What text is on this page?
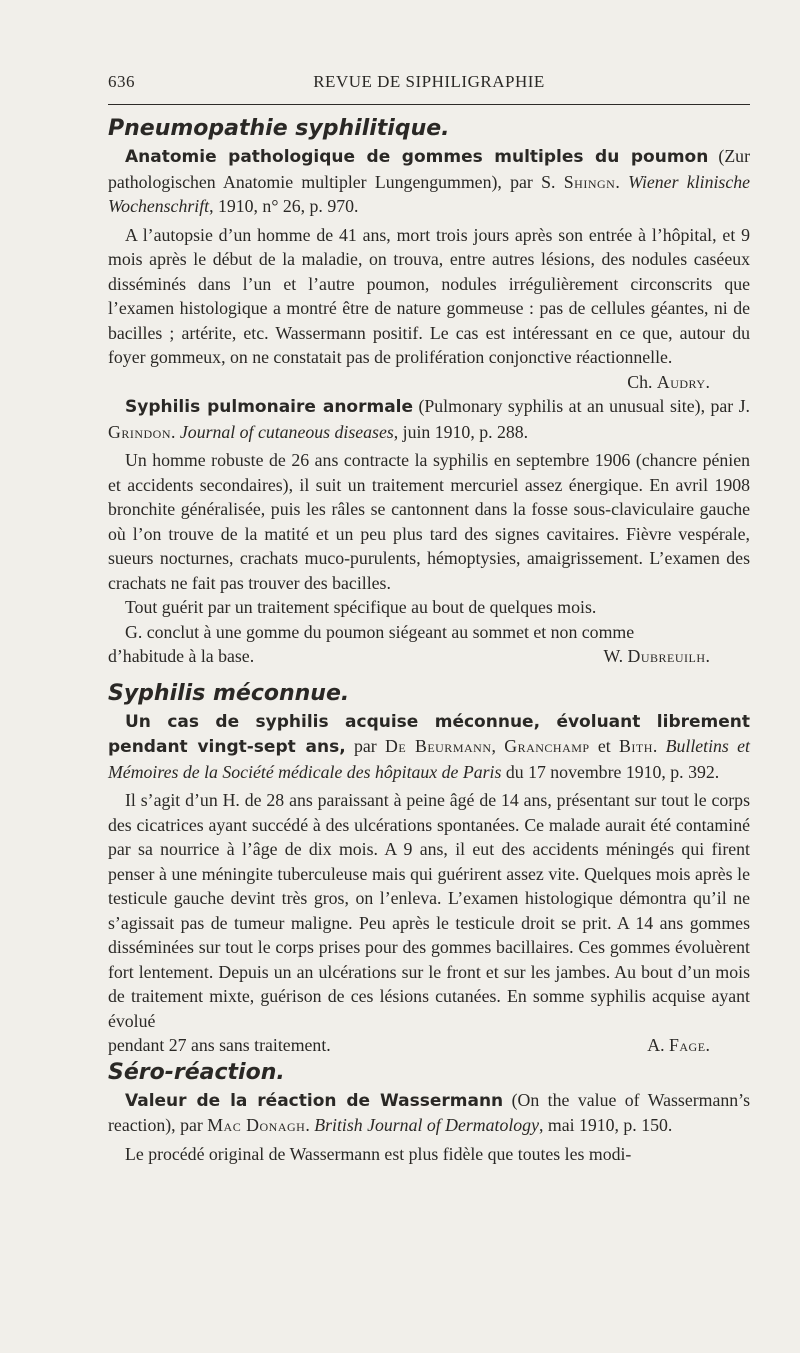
636	REVUE DE SIPHILIGRAPHIE
Pneumopathie syphilitique.

Anatomie pathologique de gommes multiples du poumon (Zur pathologischen Anatomie multipler Lungengummen), par S. Shingn. Wiener klinische Wochenschrift, 1910, n° 26, p. 970.

A l’autopsie d’un homme de 41 ans, mort trois jours après son entrée à l’hôpital, et 9 mois après le début de la maladie, on trouva, entre autres lésions, des nodules caséeux disséminés dans l’un et l’autre poumon, nodules irrégulièrement circonscrits que l’examen histologique a montré être de nature gommeuse : pas de cellules géantes, ni de bacilles ; artérite, etc. Wassermann positif. Le cas est intéressant en ce que, autour du foyer gommeux, on ne constatait pas de prolifération conjonctive réactionnelle.

Ch. Audry.

Syphilis pulmonaire anormale (Pulmonary syphilis at an unusual site), par J. Grindon. Journal of cutaneous diseases, juin 1910, p. 288.

Un homme robuste de 26 ans contracte la syphilis en septembre 1906 (chancre pénien et accidents secondaires), il suit un traitement mercuriel assez énergique. En avril 1908 bronchite généralisée, puis les râles se cantonnent dans la fosse sous-claviculaire gauche où l’on trouve de la matité et un peu plus tard des signes cavitaires. Fièvre vespérale, sueurs nocturnes, crachats muco-purulents, hémoptysies, amaigrissement. L’examen des crachats ne fait pas trouver des bacilles.

Tout guérit par un traitement spécifique au bout de quelques mois.

G. conclut à une gomme du poumon siégeant au sommet et non comme

d’habitude à la base.	W. Dubreuilh.
Syphilis méconnue.

Un cas de syphilis acquise méconnue, évoluant librement pendant vingt-sept ans, par De Beurmann, Granchamp et Bith. Bulletins et Mémoires de la Société médicale des hôpitaux de Paris du 17 novembre 1910, p. 392.

Il s’agit d’un H. de 28 ans paraissant à peine âgé de 14 ans, présentant sur tout le corps des cicatrices ayant succédé à des ulcérations spontanées. Ce malade aurait été contaminé par sa nourrice à l’âge de dix mois. A 9 ans, il eut des accidents méningés qui firent penser à une méningite tuberculeuse mais qui guérirent assez vite. Quelques mois après le testicule gauche devint très gros, on l’enleva. L’examen histologique démontra qu’il ne s’agissait pas de tumeur maligne. Peu après le testicule droit se prit. A 14 ans gommes disséminées sur tout le corps prises pour des gommes bacillaires. Ces gommes évoluèrent fort lentement. Depuis un an ulcérations sur le front et sur les jambes. Au bout d’un mois de traitement mixte, guérison de ces lésions cutanées. En somme syphilis acquise ayant évolué

pendant 27 ans sans traitement.	A. Fage.
Séro-réaction.

Valeur de la réaction de Wassermann (On the value of Wassermann’s reaction), par Mac Donagh. British Journal of Dermatology, mai 1910, p. 150.

Le procédé original de Wassermann est plus fidèle que toutes les modi-
